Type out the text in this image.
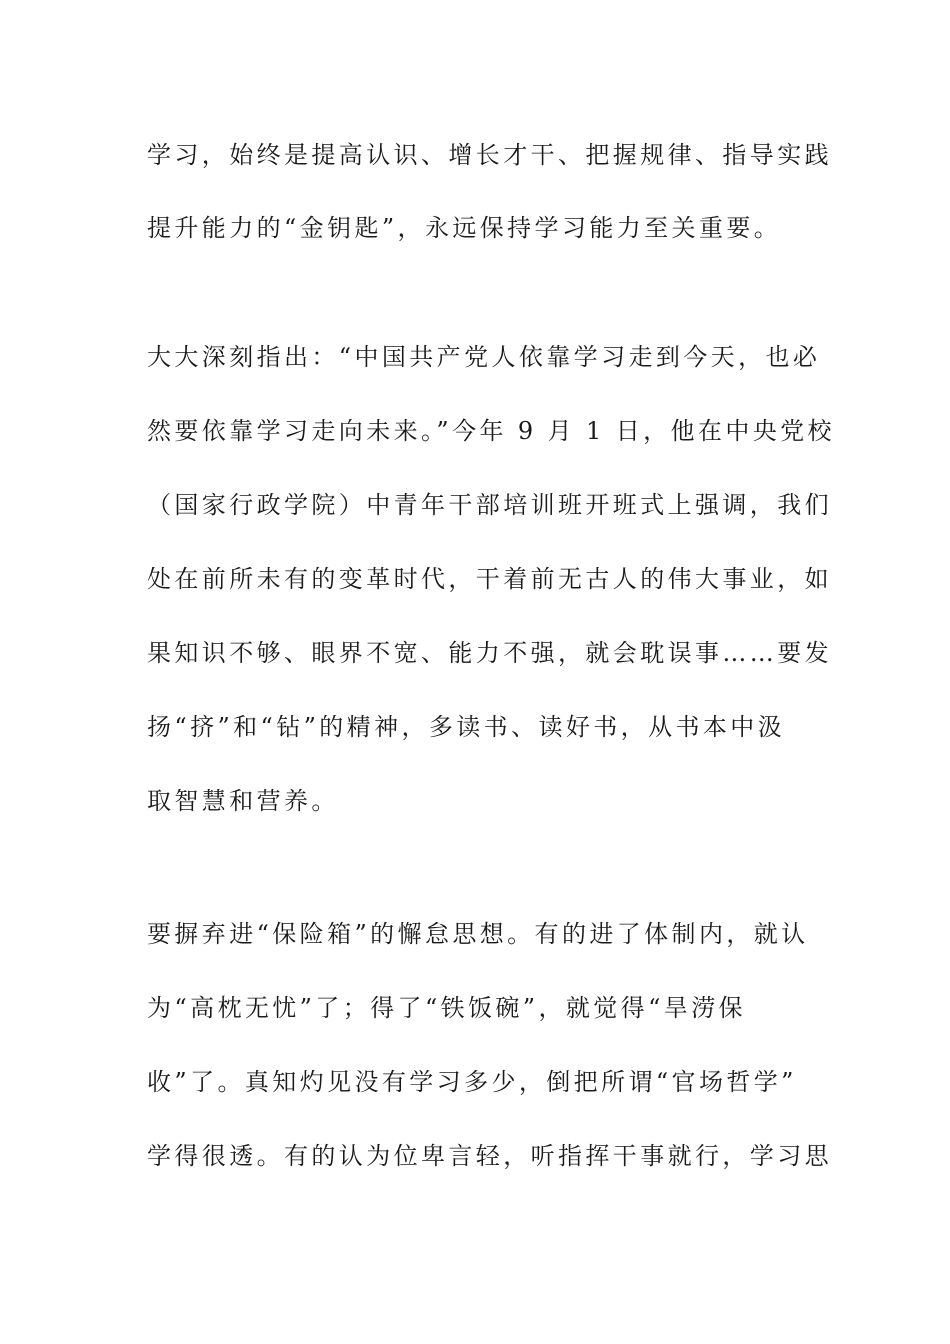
学习，始终是提高认识、增长才干、把握规律、指导实践
提升能力的“金钥匙”，永远保持学习能力至关重要。
大大深刻指出：“中国共产党人依靠学习走到今天，也必
然要依靠学习走向未来。”今年 9 月 1 日，他在中央党校
（国家行政学院）中青年干部培训班开班式上强调，我们
处在前所未有的变革时代，干着前无古人的伟大事业，如
果知识不够、眼界不宽、能力不强，就会耽误事……要发
扬“挤”和“钻”的精神，多读书、读好书，从书本中汲
取智慧和营养。
要摒弃进“保险箱”的懈怠思想。有的进了体制内，就认
为“高枕无忧”了；得了“铁饭碗”，就觉得“旱涝保
收”了。真知灼见没有学习多少，倒把所谓“官场哲学”
学得很透。有的认为位卑言轻，听指挥干事就行，学习思
